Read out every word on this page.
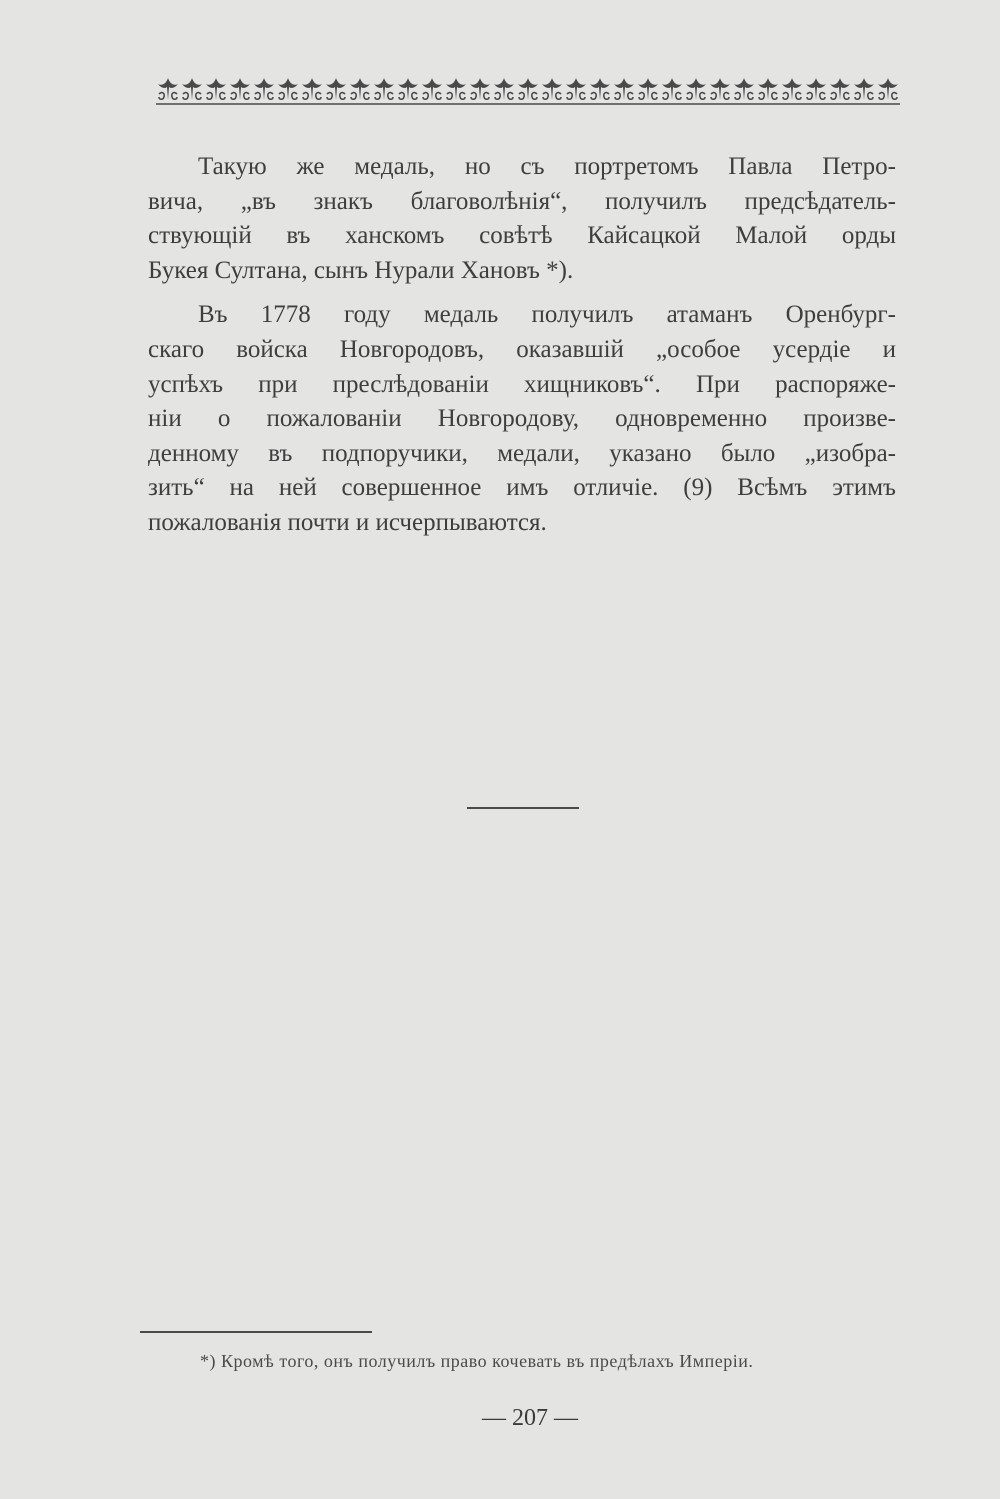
Такую же медаль, но съ портретомъ Павла Петро-
вича, „въ знакъ благоволѣнія“, получилъ предсѣдатель-
ствующій въ ханскомъ совѣтѣ Кайсацкой Малой орды
Букея Султана, сынъ Нурали Хановъ *).

Въ 1778 году медаль получилъ атаманъ Оренбург-
скаго войска Новгородовъ, оказавшій „особое усердіе и
успѣхъ при преслѣдованіи хищниковъ“. При распоряже-
ніи о пожалованіи Новгородову, одновременно произве-
денному въ подпоручики, медали, указано было „изобра-
зить“ на ней совершенное имъ отличіе. (9) Всѣмъ этимъ
пожалованія почти и исчерпываются.

*) Кромѣ того, онъ получилъ право кочевать въ предѣлахъ Имперіи.
— 207 —
